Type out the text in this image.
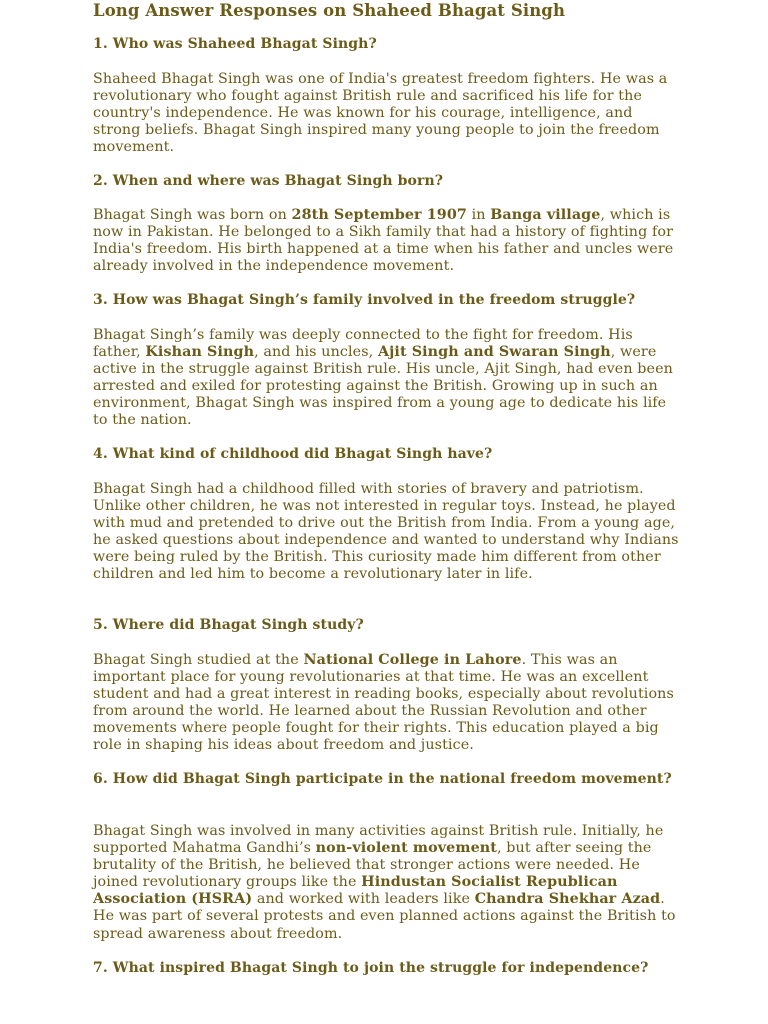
Long Answer Responses on Shaheed Bhagat Singh
1. Who was Shaheed Bhagat Singh?
Shaheed Bhagat Singh was one of India's greatest freedom fighters. He was a revolutionary who fought against British rule and sacrificed his life for the country's independence. He was known for his courage, intelligence, and strong beliefs. Bhagat Singh inspired many young people to join the freedom movement.
2. When and where was Bhagat Singh born?
Bhagat Singh was born on 28th September 1907 in Banga village, which is now in Pakistan. He belonged to a Sikh family that had a history of fighting for India's freedom. His birth happened at a time when his father and uncles were already involved in the independence movement.
3. How was Bhagat Singh’s family involved in the freedom struggle?
Bhagat Singh’s family was deeply connected to the fight for freedom. His father, Kishan Singh, and his uncles, Ajit Singh and Swaran Singh, were active in the struggle against British rule. His uncle, Ajit Singh, had even been arrested and exiled for protesting against the British. Growing up in such an environment, Bhagat Singh was inspired from a young age to dedicate his life to the nation.
4. What kind of childhood did Bhagat Singh have?
Bhagat Singh had a childhood filled with stories of bravery and patriotism. Unlike other children, he was not interested in regular toys. Instead, he played with mud and pretended to drive out the British from India. From a young age, he asked questions about independence and wanted to understand why Indians were being ruled by the British. This curiosity made him different from other children and led him to become a revolutionary later in life.
5. Where did Bhagat Singh study?
Bhagat Singh studied at the National College in Lahore. This was an important place for young revolutionaries at that time. He was an excellent student and had a great interest in reading books, especially about revolutions from around the world. He learned about the Russian Revolution and other movements where people fought for their rights. This education played a big role in shaping his ideas about freedom and justice.
6. How did Bhagat Singh participate in the national freedom movement?
Bhagat Singh was involved in many activities against British rule. Initially, he supported Mahatma Gandhi’s non-violent movement, but after seeing the brutality of the British, he believed that stronger actions were needed. He joined revolutionary groups like the Hindustan Socialist Republican Association (HSRA) and worked with leaders like Chandra Shekhar Azad. He was part of several protests and even planned actions against the British to spread awareness about freedom.
7. What inspired Bhagat Singh to join the struggle for independence?
